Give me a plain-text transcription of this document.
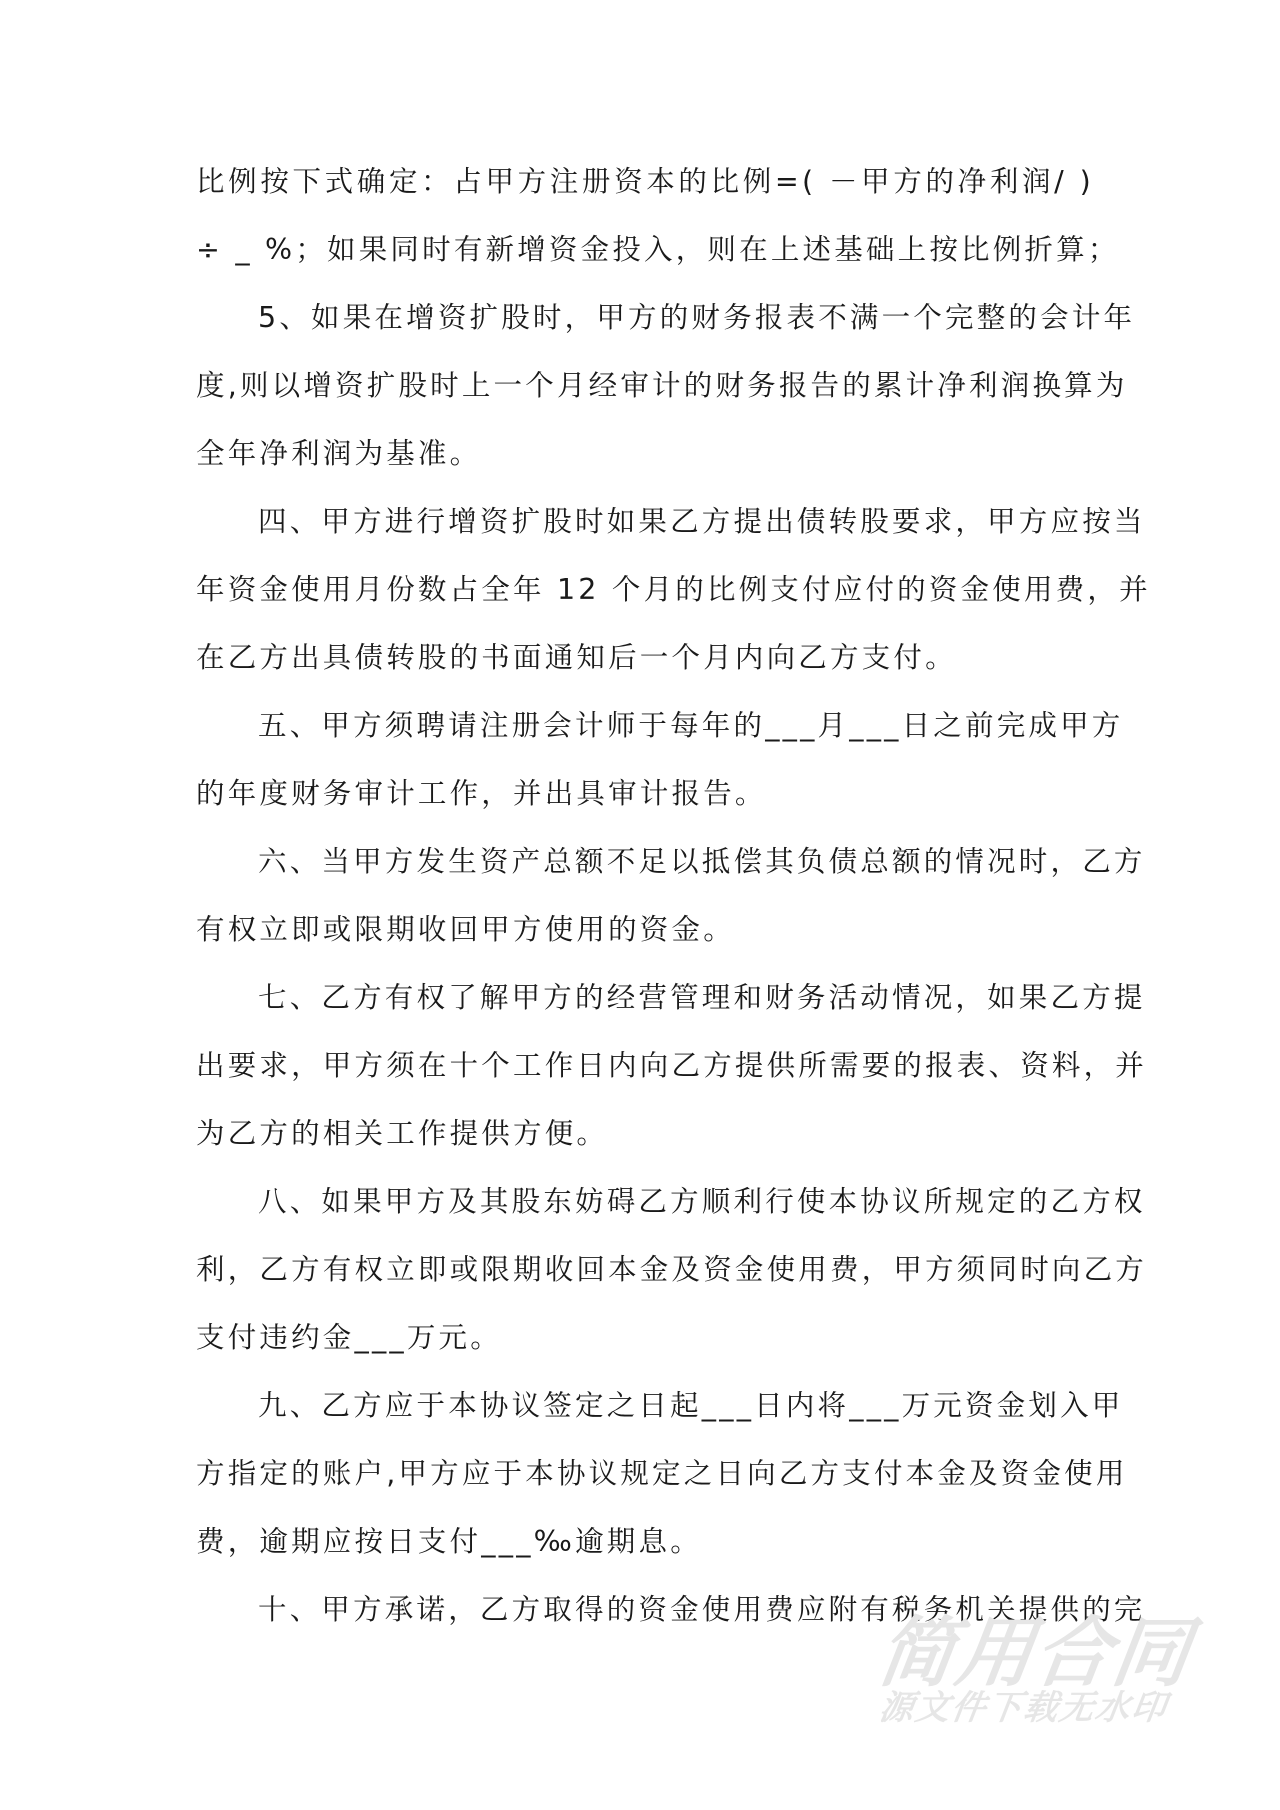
比例按下式确定：占甲方注册资本的比例=( －甲方的净利润/ )
÷ _ %；如果同时有新增资金投入，则在上述基础上按比例折算；
5、如果在增资扩股时，甲方的财务报表不满一个完整的会计年
度,则以增资扩股时上一个月经审计的财务报告的累计净利润换算为
全年净利润为基准。
四、甲方进行增资扩股时如果乙方提出债转股要求，甲方应按当
年资金使用月份数占全年 12 个月的比例支付应付的资金使用费，并
在乙方出具债转股的书面通知后一个月内向乙方支付。
五、甲方须聘请注册会计师于每年的___月___日之前完成甲方
的年度财务审计工作，并出具审计报告。
六、当甲方发生资产总额不足以抵偿其负债总额的情况时，乙方
有权立即或限期收回甲方使用的资金。
七、乙方有权了解甲方的经营管理和财务活动情况，如果乙方提
出要求，甲方须在十个工作日内向乙方提供所需要的报表、资料，并
为乙方的相关工作提供方便。
八、如果甲方及其股东妨碍乙方顺利行使本协议所规定的乙方权
利，乙方有权立即或限期收回本金及资金使用费，甲方须同时向乙方
支付违约金___万元。
九、乙方应于本协议签定之日起___日内将___万元资金划入甲
方指定的账户,甲方应于本协议规定之日向乙方支付本金及资金使用
费，逾期应按日支付___‰逾期息。
十、甲方承诺，乙方取得的资金使用费应附有税务机关提供的完
简用合同
源文件下载无水印
